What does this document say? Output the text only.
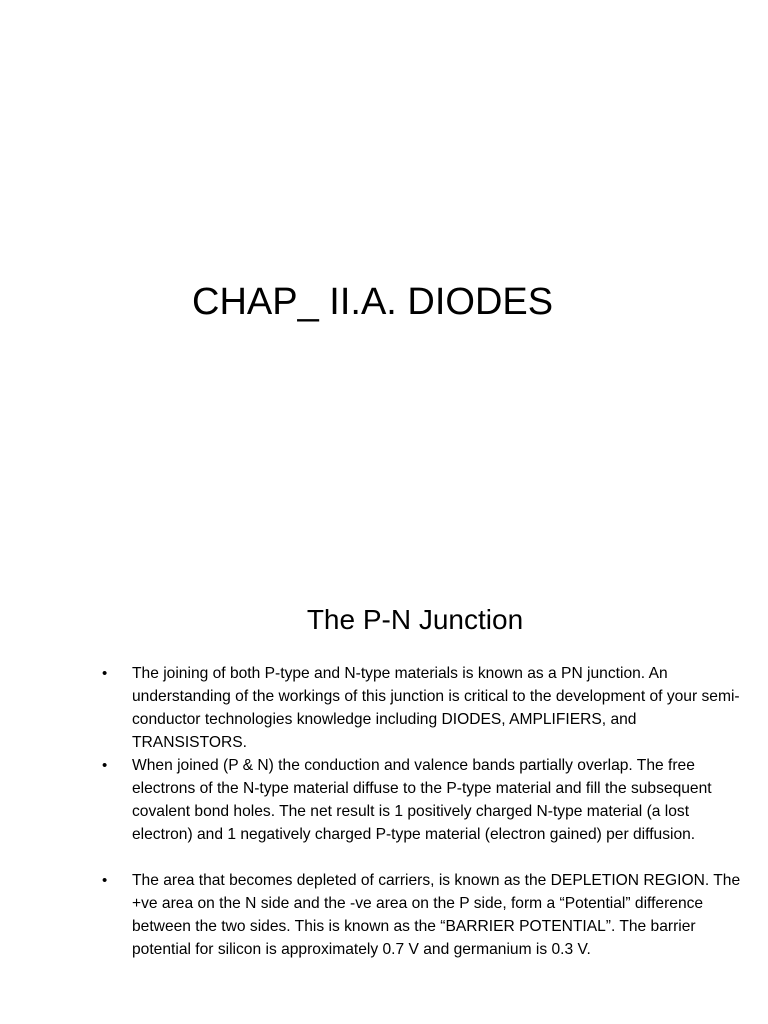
CHAP_ II.A. DIODES
The P-N Junction
• The joining of both P-type and N-type materials is known as a PN junction. An understanding of the workings of this junction is critical to the development of your semi-conductor technologies knowledge including DIODES, AMPLIFIERS, and TRANSISTORS.
• When joined (P & N) the conduction and valence bands partially overlap. The free electrons of the N-type material diffuse to the P-type material and fill the subsequent covalent bond holes. The net result is 1 positively charged N-type material (a lost electron) and 1 negatively charged P-type material (electron gained) per diffusion.
• The area that becomes depleted of carriers, is known as the DEPLETION REGION. The +ve area on the N side and the -ve area on the P side, form a “Potential” difference between the two sides. This is known as the “BARRIER POTENTIAL”. The barrier potential for silicon is approximately 0.7 V and germanium is 0.3 V.
